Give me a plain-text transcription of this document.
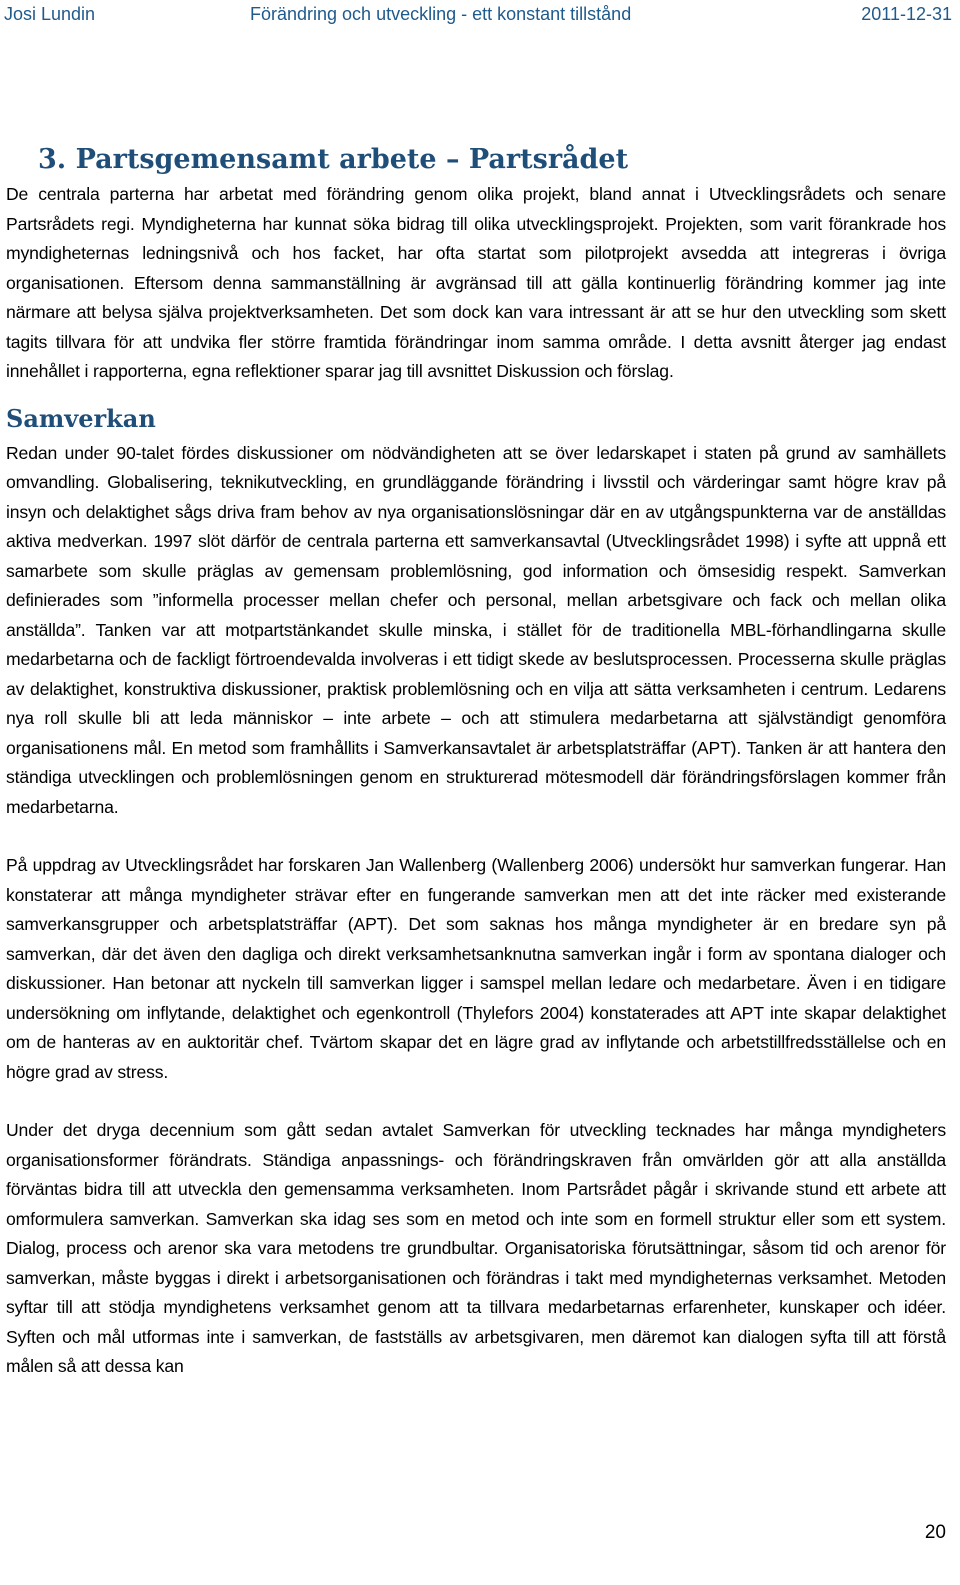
Josi Lundin	Förändring och utveckling - ett konstant tillstånd	2011-12-31
3. Partsgemensamt arbete – Partsrådet

De centrala parterna har arbetat med förändring genom olika projekt, bland annat i Utvecklingsrådets och senare Partsrådets regi. Myndigheterna har kunnat söka bidrag till olika utvecklingsprojekt. Projekten, som varit förankrade hos myndigheternas ledningsnivå och hos facket, har ofta startat som pilotprojekt avsedda att integreras i övriga organisationen. Eftersom denna sammanställning är avgränsad till att gälla kontinuerlig förändring kommer jag inte närmare att belysa själva projektverksamheten. Det som dock kan vara intressant är att se hur den utveckling som skett tagits tillvara för att undvika fler större framtida förändringar inom samma område. I detta avsnitt återger jag endast innehållet i rapporterna, egna reflektioner sparar jag till avsnittet Diskussion och förslag.

Samverkan

Redan under 90-talet fördes diskussioner om nödvändigheten att se över ledarskapet i staten på grund av samhällets omvandling. Globalisering, teknikutveckling, en grundläggande förändring i livsstil och värderingar samt högre krav på insyn och delaktighet sågs driva fram behov av nya organisationslösningar där en av utgångspunkterna var de anställdas aktiva medverkan. 1997 slöt därför de centrala parterna ett samverkansavtal (Utvecklingsrådet 1998) i syfte att uppnå ett samarbete som skulle präglas av gemensam problemlösning, god information och ömsesidig respekt. Samverkan definierades som ”informella processer mellan chefer och personal, mellan arbetsgivare och fack och mellan olika anställda”. Tanken var att motpartstänkandet skulle minska, i stället för de traditionella MBL-förhandlingarna skulle medarbetarna och de fackligt förtroendevalda involveras i ett tidigt skede av beslutsprocessen. Processerna skulle präglas av delaktighet, konstruktiva diskussioner, praktisk problemlösning och en vilja att sätta verksamheten i centrum. Ledarens nya roll skulle bli att leda människor – inte arbete – och att stimulera medarbetarna att självständigt genomföra organisationens mål. En metod som framhållits i Samverkansavtalet är arbetsplatsträffar (APT). Tanken är att hantera den ständiga utvecklingen och problemlösningen genom en strukturerad mötesmodell där förändringsförslagen kommer från medarbetarna.

På uppdrag av Utvecklingsrådet har forskaren Jan Wallenberg (Wallenberg 2006) undersökt hur samverkan fungerar. Han konstaterar att många myndigheter strävar efter en fungerande samverkan men att det inte räcker med existerande samverkansgrupper och arbetsplatsträffar (APT). Det som saknas hos många myndigheter är en bredare syn på samverkan, där det även den dagliga och direkt verksamhetsanknutna samverkan ingår i form av spontana dialoger och diskussioner. Han betonar att nyckeln till samverkan ligger i samspel mellan ledare och medarbetare. Även i en tidigare undersökning om inflytande, delaktighet och egenkontroll (Thylefors 2004) konstaterades att APT inte skapar delaktighet om de hanteras av en auktoritär chef. Tvärtom skapar det en lägre grad av inflytande och arbetstillfredsställelse och en högre grad av stress.

Under det dryga decennium som gått sedan avtalet Samverkan för utveckling tecknades har många myndigheters organisationsformer förändrats. Ständiga anpassnings- och förändringskraven från omvärlden gör att alla anställda förväntas bidra till att utveckla den gemensamma verksamheten. Inom Partsrådet pågår i skrivande stund ett arbete att omformulera samverkan. Samverkan ska idag ses som en metod och inte som en formell struktur eller som ett system. Dialog, process och arenor ska vara metodens tre grundbultar. Organisatoriska förutsättningar, såsom tid och arenor för samverkan, måste byggas i direkt i arbetsorganisationen och förändras i takt med myndigheternas verksamhet. Metoden syftar till att stödja myndighetens verksamhet genom att ta tillvara medarbetarnas erfarenheter, kunskaper och idéer. Syften och mål utformas inte i samverkan, de fastställs av arbetsgivaren, men däremot kan dialogen syfta till att förstå målen så att dessa kan

20
